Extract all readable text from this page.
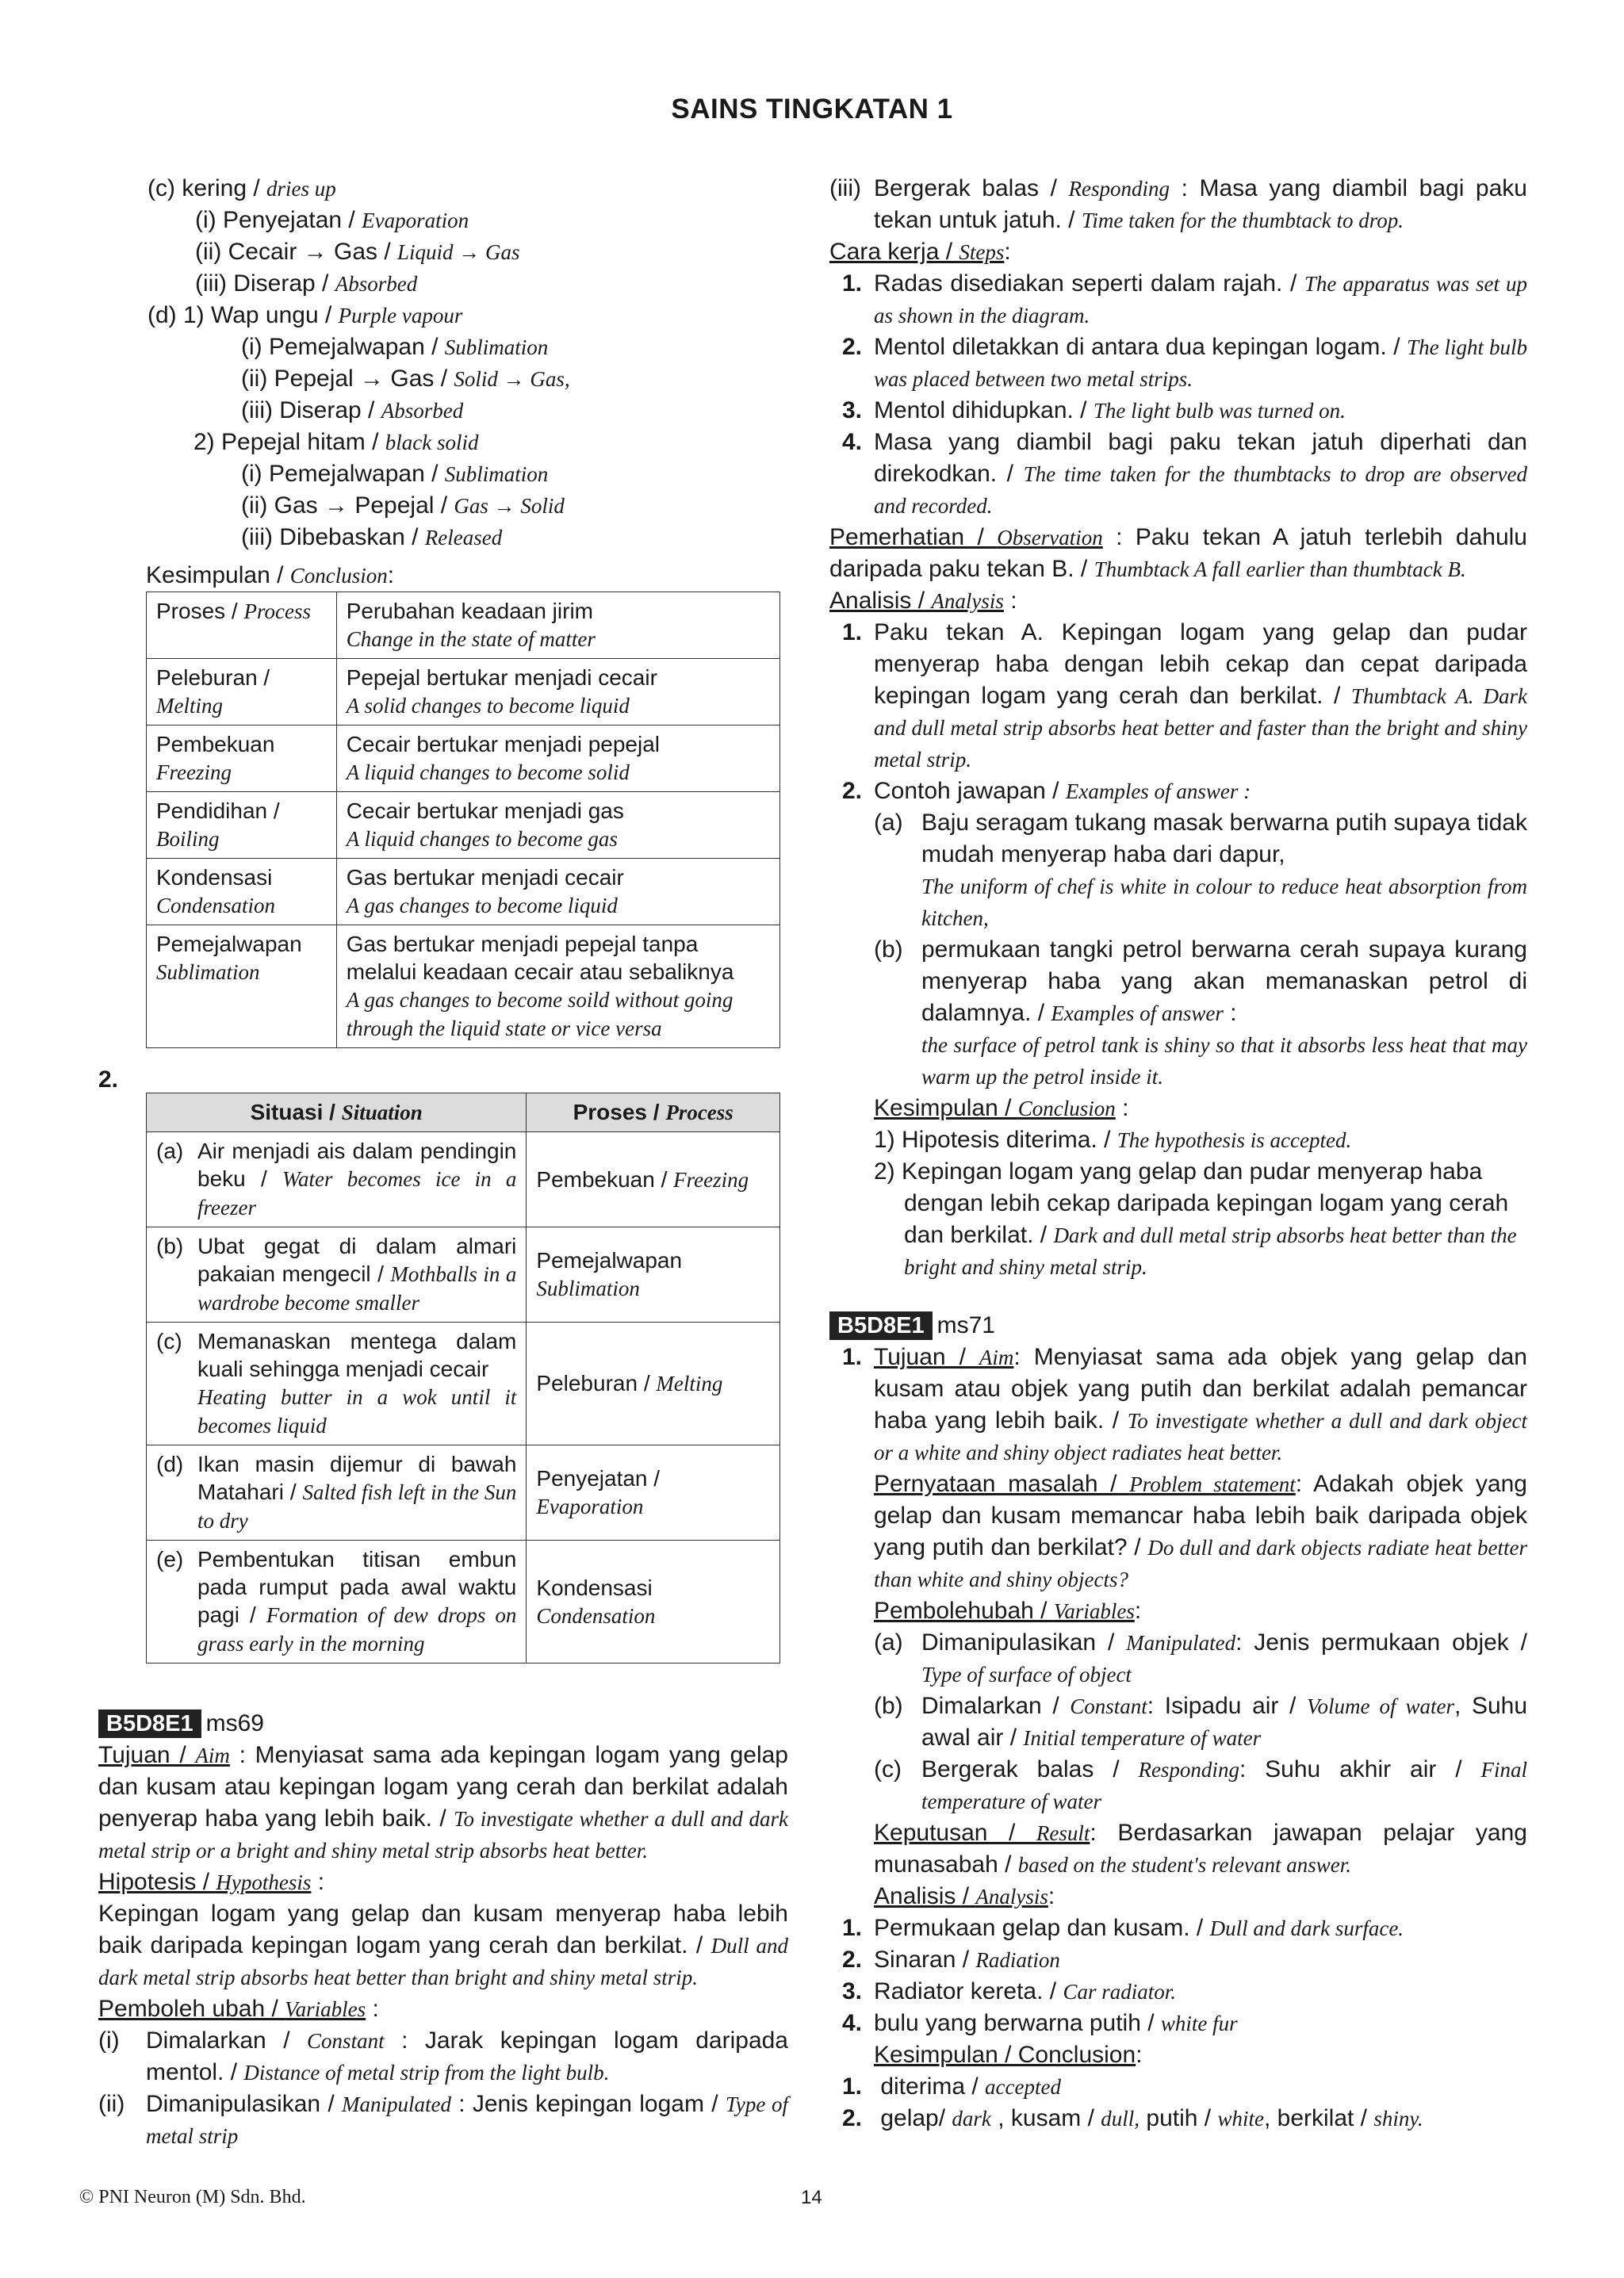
SAINS TINGKATAN 1
(c) kering / dries up
(i) Penyejatan / Evaporation
(ii) Cecair → Gas / Liquid → Gas
(iii) Diserap / Absorbed
(d) 1) Wap ungu / Purple vapour
(i) Pemejalwapan / Sublimation
(ii) Pepejal → Gas / Solid → Gas,
(iii) Diserap / Absorbed
2) Pepejal hitam / black solid
(i) Pemejalwapan / Sublimation
(ii) Gas → Pepejal / Gas → Solid
(iii) Dibebaskan / Released
Kesimpulan / Conclusion:
Proses / Process	Perubahan keadaan jirim
Change in the state of matter
Peleburan / Melting	Pepejal bertukar menjadi cecair
A solid changes to become liquid
Pembekuan
Freezing	Cecair bertukar menjadi pepejal
A liquid changes to become solid
Pendidihan / Boiling	Cecair bertukar menjadi gas
A liquid changes to become gas
Kondensasi
Condensation	Gas bertukar menjadi cecair
A gas changes to become liquid
Pemejalwapan
Sublimation	Gas bertukar menjadi pepejal tanpa melalui keadaan cecair atau sebaliknya
A gas changes to become soild without going through the liquid state or vice versa
2.
Situasi / Situation	Proses / Process

(a) Air menjadi ais dalam pendingin beku / Water becomes ice in a freezer	Pembekuan / Freezing

(b) Ubat gegat di dalam almari pakaian mengecil / Mothballs in a wardrobe become smaller	Pemejalwapan
Sublimation

(c) Memanaskan mentega dalam kuali sehingga menjadi cecair
Heating butter in a wok until it becomes liquid	Peleburan / Melting

(d) Ikan masin dijemur di bawah Matahari / Salted fish left in the Sun to dry	Penyejatan / Evaporation

(e) Pembentukan titisan embun pada rumput pada awal waktu pagi / Formation of dew drops on grass early in the morning	Kondensasi
Condensation
B5D8E1 ms69
Tujuan / Aim : Menyiasat sama ada kepingan logam yang gelap dan kusam atau kepingan logam yang cerah dan berkilat adalah penyerap haba yang lebih baik. / To investigate whether a dull and dark metal strip or a bright and shiny metal strip absorbs heat better.
Hipotesis / Hypothesis :
Kepingan logam yang gelap dan kusam menyerap haba lebih baik daripada kepingan logam yang cerah dan berkilat. / Dull and dark metal strip absorbs heat better than bright and shiny metal strip.
Pemboleh ubah / Variables :
(i)	Dimalarkan / Constant : Jarak kepingan logam daripada mentol. / Distance of metal strip from the light bulb.
(ii) Dimanipulasikan / Manipulated : Jenis kepingan logam / Type of metal strip
(iii) Bergerak balas / Responding : Masa yang diambil bagi paku tekan untuk jatuh. / Time taken for the thumbtack to drop.
Cara kerja / Steps:
1. Radas disediakan seperti dalam rajah. / The apparatus was set up as shown in the diagram.
2. Mentol diletakkan di antara dua kepingan logam. / The light bulb was placed between two metal strips.
3. Mentol dihidupkan. / The light bulb was turned on.
4. Masa yang diambil bagi paku tekan jatuh diperhati dan direkodkan. / The time taken for the thumbtacks to drop are observed and recorded.
Pemerhatian / Observation : Paku tekan A jatuh terlebih dahulu daripada paku tekan B. / Thumbtack A fall earlier than thumbtack B.
Analisis / Analysis :
1. Paku tekan A. Kepingan logam yang gelap dan pudar menyerap haba dengan lebih cekap dan cepat daripada kepingan logam yang cerah dan berkilat. / Thumbtack A. Dark and dull metal strip absorbs heat better and faster than the bright and shiny metal strip.
2. Contoh jawapan / Examples of answer :
(a) Baju seragam tukang masak berwarna putih supaya tidak mudah menyerap haba dari dapur,
The uniform of chef is white in colour to reduce heat absorption from kitchen,
(b) permukaan tangki petrol berwarna cerah supaya kurang menyerap haba yang akan memanaskan petrol di dalamnya. / Examples of answer :
the surface of petrol tank is shiny so that it absorbs less heat that may warm up the petrol inside it.
Kesimpulan / Conclusion :
1) Hipotesis diterima. / The hypothesis is accepted.
2) Kepingan logam yang gelap dan pudar menyerap haba dengan lebih cekap daripada kepingan logam yang cerah dan berkilat. / Dark and dull metal strip absorbs heat better than the bright and shiny metal strip.
B5D8E1 ms71
1. Tujuan / Aim: Menyiasat sama ada objek yang gelap dan kusam atau objek yang putih dan berkilat adalah pemancar haba yang lebih baik. / To investigate whether a dull and dark object or a white and shiny object radiates heat better.
Pernyataan masalah / Problem statement: Adakah objek yang gelap dan kusam memancar haba lebih baik daripada objek yang putih dan berkilat? / Do dull and dark objects radiate heat better than white and shiny objects?
Pembolehubah / Variables:
(a) Dimanipulasikan / Manipulated: Jenis permukaan objek / Type of surface of object
(b) Dimalarkan / Constant: Isipadu air / Volume of water, Suhu awal air / Initial temperature of water
(c) Bergerak balas / Responding: Suhu akhir air / Final temperature of water
Keputusan / Result: Berdasarkan jawapan pelajar yang munasabah / based on the student's relevant answer.
Analisis / Analysis:
1. Permukaan gelap dan kusam. / Dull and dark surface.
2. Sinaran / Radiation
3. Radiator kereta. / Car radiator.
4. bulu yang berwarna putih / white fur
Kesimpulan / Conclusion:
1. diterima / accepted
2. gelap/ dark , kusam / dull, putih / white, berkilat / shiny.
© PNI Neuron (M) Sdn. Bhd.	14
